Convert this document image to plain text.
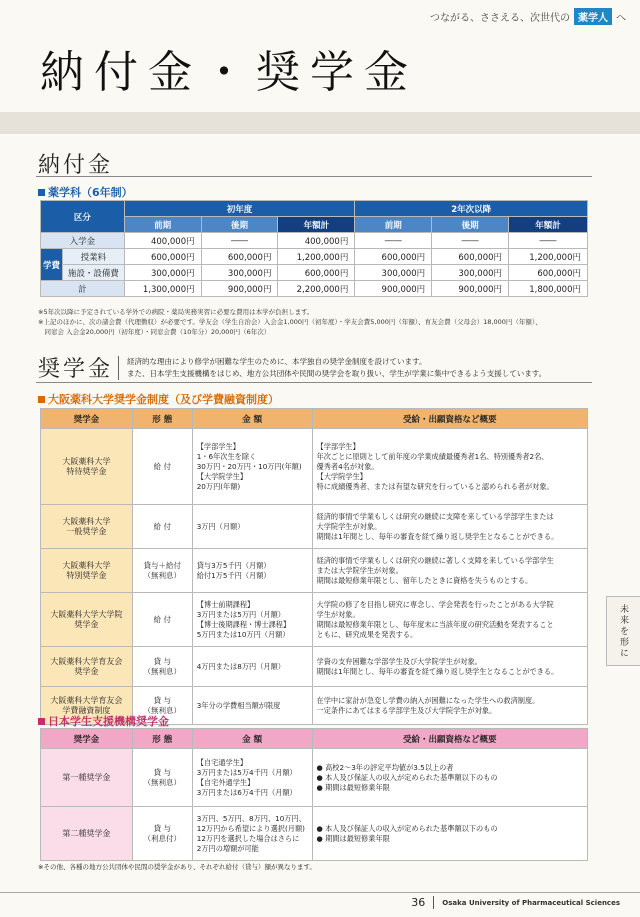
つながる、ささえる、次世代の 薬学人 へ
納付金・奨学金
納付金
薬学科（6年制）
区分		初年度			2年次以降		
		前期	後期	年額計	前期	後期	年額計
入学金		400,000円	――	400,000円	――	――	――
学費	授業料	600,000円	600,000円	1,200,000円	600,000円	600,000円	1,200,000円
	施設・設備費	300,000円	300,000円	600,000円	300,000円	300,000円	600,000円
計		1,300,000円	900,000円	2,200,000円	900,000円	900,000円	1,800,000円
※5年次以降に予定されている学外での病院・薬局実務実習に必要な費用は本学が負担します。
※上記のほかに、次の諸会費（代理徴収）が必要です。学友会（学生自治会）入会金1,000円（初年度）・学友会費5,000円（年額）、育友会費（父母会）18,000円（年額）、
　同窓会 入会金20,000円（初年度）・同窓会費（10年分）20,000円（6年次）
奨学金 経済的な理由により修学が困難な学生のために、本学独自の奨学金制度を設けています。
また、日本学生支援機構をはじめ、地方公共団体や民間の奨学会を取り扱い、学生が学業に集中できるよう支援しています。
大阪薬科大学奨学金制度（及び学費融資制度）
奨学金	形 態	金 額	受給・出願資格など概要
大阪薬科大学
特待奨学金	給 付	【学部学生】
1・6年次生を除く
30万円・20万円・10万円(年額)
【大学院学生】
20万円(年額)	【学部学生】
年次ごとに原則として前年度の学業成績最優秀者1名、特別優秀者2名、
優秀者4名が対象。
【大学院学生】
特に成績優秀者、または有望な研究を行っていると認められる者が対象。
大阪薬科大学
一般奨学金	給 付	3万円（月額）	経済的事情で学業もしくは研究の継続に支障を来している学部学生または
大学院学生が対象。
期間は1年間とし、毎年の審査を経て繰り返し奨学生となることができる。
大阪薬科大学
特別奨学金	貸与＋給付
（無利息）	貸与3万5千円（月額）
給付1万5千円（月額）	経済的事情で学業もしくは研究の継続に著しく支障を来している学部学生
または大学院学生が対象。
期間は最短修業年限とし、留年したときに資格を失うものとする。
大阪薬科大学大学院
奨学金	給 付	【博士前期課程】
3万円または5万円（月額）
【博士後期課程・博士課程】
5万円または10万円（月額）	大学院の修了を目指し研究に専念し、学会発表を行ったことがある大学院
学生が対象。
期間は最短修業年限とし、毎年度末に当該年度の研究活動を発表すること
ともに、研究成果を発表する。
大阪薬科大学育友会
奨学金	貸 与
（無利息）	4万円または8万円（月額）	学資の支弁困難な学部学生及び大学院学生が対象。
期間は1年間とし、毎年の審査を経て繰り返し奨学生となることができる。
大阪薬科大学育友会
学費融資制度	貸 与
（無利息）	3年分の学費相当額が限度	在学中に家計が急変し学費の納入が困難になった学生への救済制度。
一定条件にあてはまる学部学生及び大学院学生が対象。
日本学生支援機構奨学金
奨学金	形 態	金 額	受給・出願資格など概要
第一種奨学金	貸 与
（無利息）	【自宅通学生】
3万円または5万4千円（月額）
【自宅外通学生】
3万円または6万4千円（月額）	● 高校2～3年の評定平均値が3.5以上の者
● 本人及び保証人の収入が定められた基準額以下のもの
● 期間は最短修業年限
第二種奨学金	貸 与
（利息付）	3万円、5万円、8万円、10万円、
12万円から希望により選択(月額)
12万円を選択した場合はさらに
2万円の増額が可能	● 本人及び保証人の収入が定められた基準額以下のもの
● 期間は最短修業年限
※その他、各種の地方公共団体や民間の奨学金があり、それぞれ給付（貸与）額が異なります。
未来を形に
36	Osaka University of Pharmaceutical Sciences
